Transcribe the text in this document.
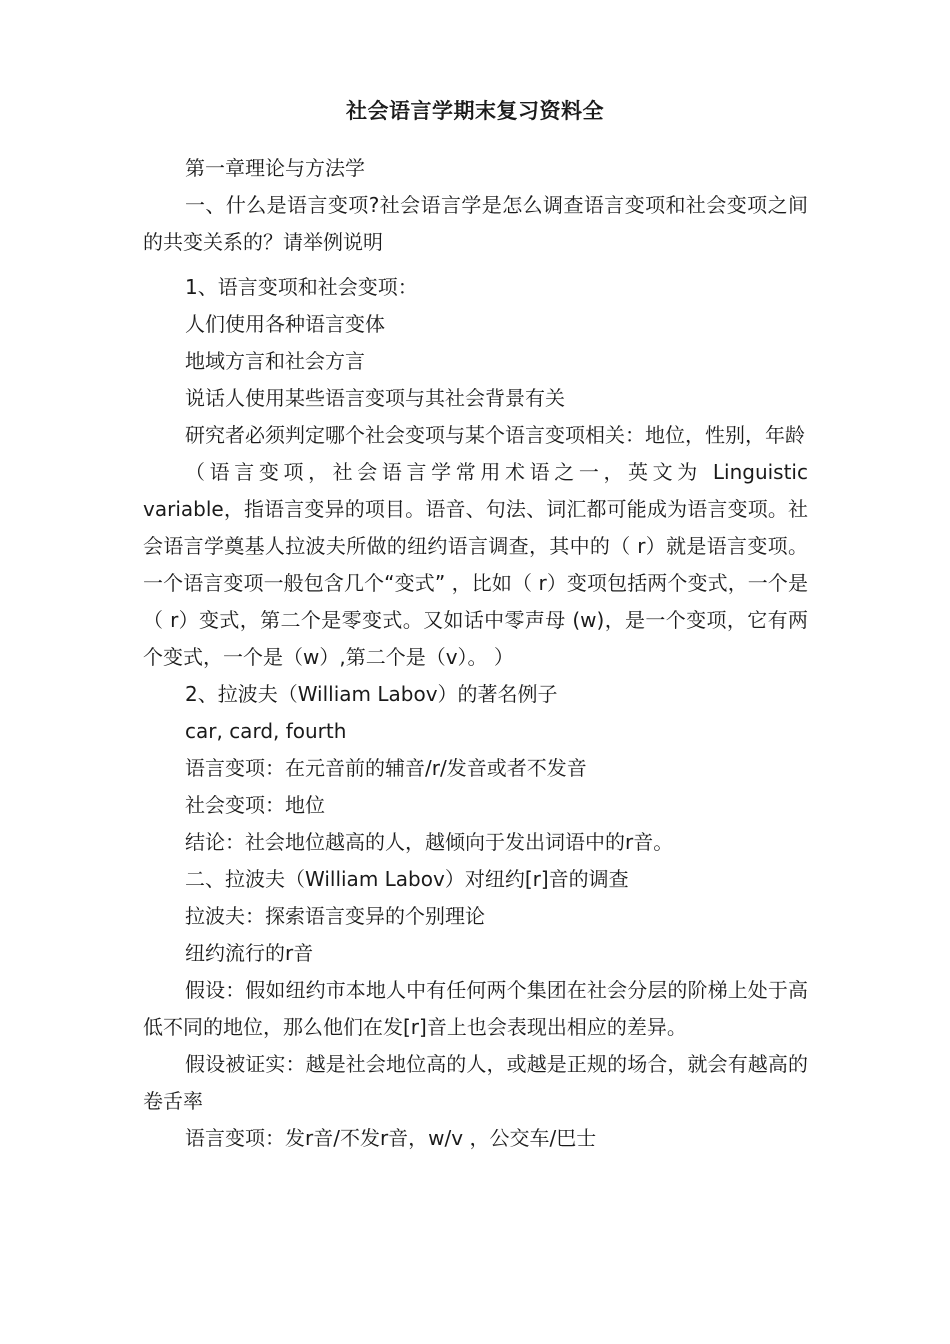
社会语言学期末复习资料全

第一章理论与方法学

一、什么是语言变项?社会语言学是怎么调查语言变项和社会变项之间的共变关系的？请举例说明

1、语言变项和社会变项：

人们使用各种语言变体

地域方言和社会方言

说话人使用某些语言变项与其社会背景有关

研究者必须判定哪个社会变项与某个语言变项相关：地位，性别，年龄

（语言变项，社会语言学常用术语之一，英文为 Linguistic variable，指语言变异的项目。语音、句法、词汇都可能成为语言变项。社会语言学奠基人拉波夫所做的纽约语言调查，其中的（ r）就是语言变项。一个语言变项一般包含几个“变式” ，比如（ r）变项包括两个变式，一个是（ r）变式，第二个是零变式。又如话中零声母 (w)，是一个变项，它有两个变式，一个是（w）,第二个是（v）。 ）

2、拉波夫（William Labov）的著名例子

car, card, fourth

语言变项：在元音前的辅音/r/发音或者不发音

社会变项：地位

结论：社会地位越高的人，越倾向于发出词语中的r音。

二、拉波夫（William Labov）对纽约[r]音的调查

拉波夫：探索语言变异的个别理论

纽约流行的r音

假设：假如纽约市本地人中有任何两个集团在社会分层的阶梯上处于高低不同的地位，那么他们在发[r]音上也会表现出相应的差异。

假设被证实：越是社会地位高的人，或越是正规的场合，就会有越高的卷舌率

语言变项：发r音/不发r音，w/v ，公交车/巴士
